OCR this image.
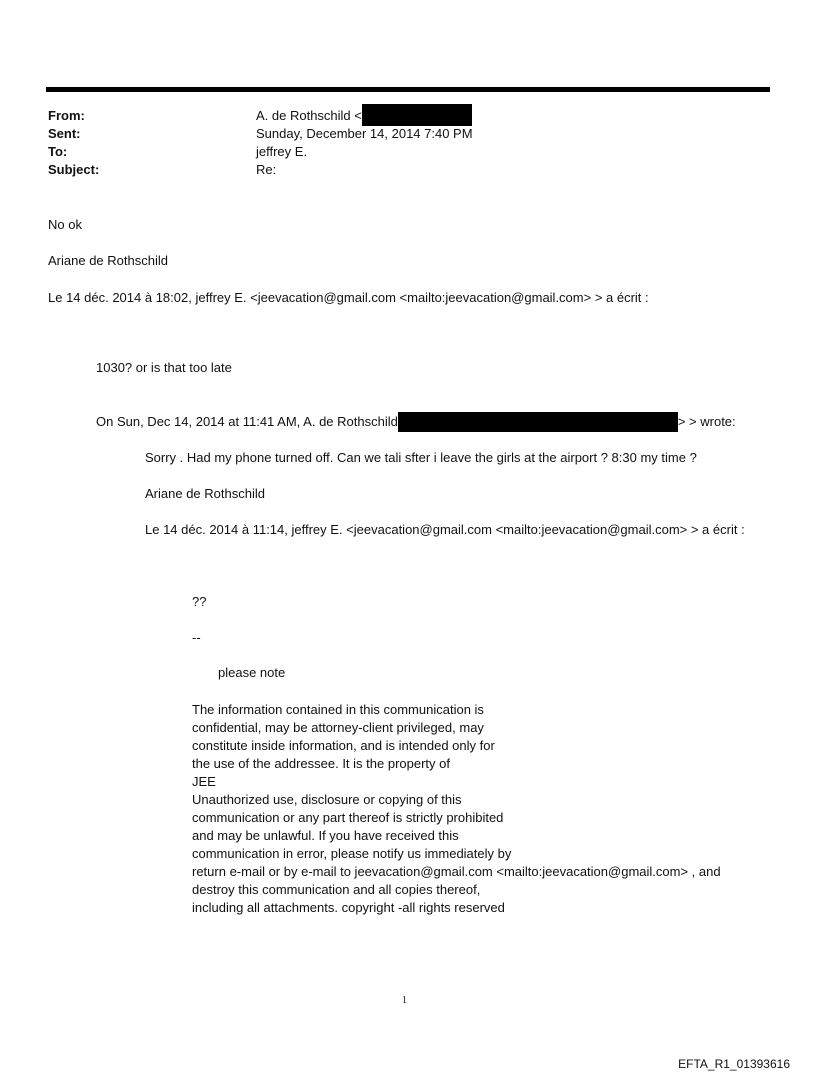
From:	A. de Rothschild <
Sent:	Sunday, December 14, 2014 7:40 PM
To:	jeffrey E.
Subject:	Re:
No ok
Ariane de Rothschild
Le 14 déc. 2014 à 18:02, jeffrey E. <jeevacation@gmail.com <mailto:jeevacation@gmail.com> > a écrit :
1030? or is that too late
On Sun, Dec 14, 2014 at 11:41 AM, A. de Rothschild	> > wrote:
Sorry . Had my phone turned off. Can we tali sfter i leave the girls at the airport ? 8:30 my time ?
Ariane de Rothschild
Le 14 déc. 2014 à 11:14, jeffrey E. <jeevacation@gmail.com <mailto:jeevacation@gmail.com> > a écrit :
??
--
please note
The information contained in this communication is
confidential, may be attorney-client privileged, may
constitute inside information, and is intended only for
the use of the addressee. It is the property of
JEE
Unauthorized use, disclosure or copying of this
communication or any part thereof is strictly prohibited
and may be unlawful. If you have received this
communication in error, please notify us immediately by
return e-mail or by e-mail to jeevacation@gmail.com <mailto:jeevacation@gmail.com> , and
destroy this communication and all copies thereof,
including all attachments. copyright -all rights reserved
1
EFTA_R1_01393616
